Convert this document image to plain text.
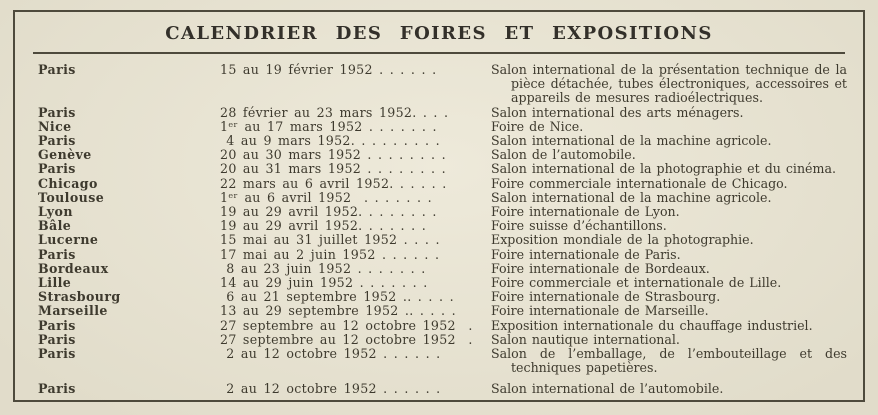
CALENDRIER DES FOIRES ET EXPOSITIONS
Paris	15 au 19 février 1952 . . . . . .	Salon international de la présentation technique de la pièce détachée, tubes électroniques, accessoires et appareils de mesures radioélectriques.
Paris	28 février au 23 mars 1952. . . .	Salon international des arts ménagers.
Nice	1ᵉʳ au 17 mars 1952 . . . . . . .	Foire de Nice.
Paris	4 au 9 mars 1952. . . . . . . . .	Salon international de la machine agricole.
Genève	20 au 30 mars 1952 . . . . . . . .	Salon de l’automobile.
Paris	20 au 31 mars 1952 . . . . . . . .	Salon international de la photographie et du cinéma.
Chicago	22 mars au 6 avril 1952. . . . . .	Foire commerciale internationale de Chicago.
Toulouse	1ᵉʳ au 6 avril 1952  . . . . . . .	Salon international de la machine agricole.
Lyon	19 au 29 avril 1952. . . . . . . .	Foire internationale de Lyon.
Bâle	19 au 29 avril 1952. . . . . . .	Foire suisse d’échantillons.
Lucerne	15 mai au 31 juillet 1952 . . . .	Exposition mondiale de la photographie.
Paris	17 mai au 2 juin 1952 . . . . . .	Foire internationale de Paris.
Bordeaux	8 au 23 juin 1952 . . . . . . .	Foire internationale de Bordeaux.
Lille	14 au 29 juin 1952 . . . . . . .	Foire commerciale et internationale de Lille.
Strasbourg	6 au 21 septembre 1952 .. . . . .	Foire internationale de Strasbourg.
Marseille	13 au 29 septembre 1952 .. . . . .	Foire internationale de Marseille.
Paris	27 septembre au 12 octobre 1952  .	Exposition internationale du chauffage industriel.
Paris	27 septembre au 12 octobre 1952  .	Salon nautique international.
Paris	2 au 12 octobre 1952 . . . . . .	Salon de l’emballage, de l’embouteillage et des techniques papetières.
Paris	2 au 12 octobre 1952 . . . . . .	Salon international de l’automobile.
